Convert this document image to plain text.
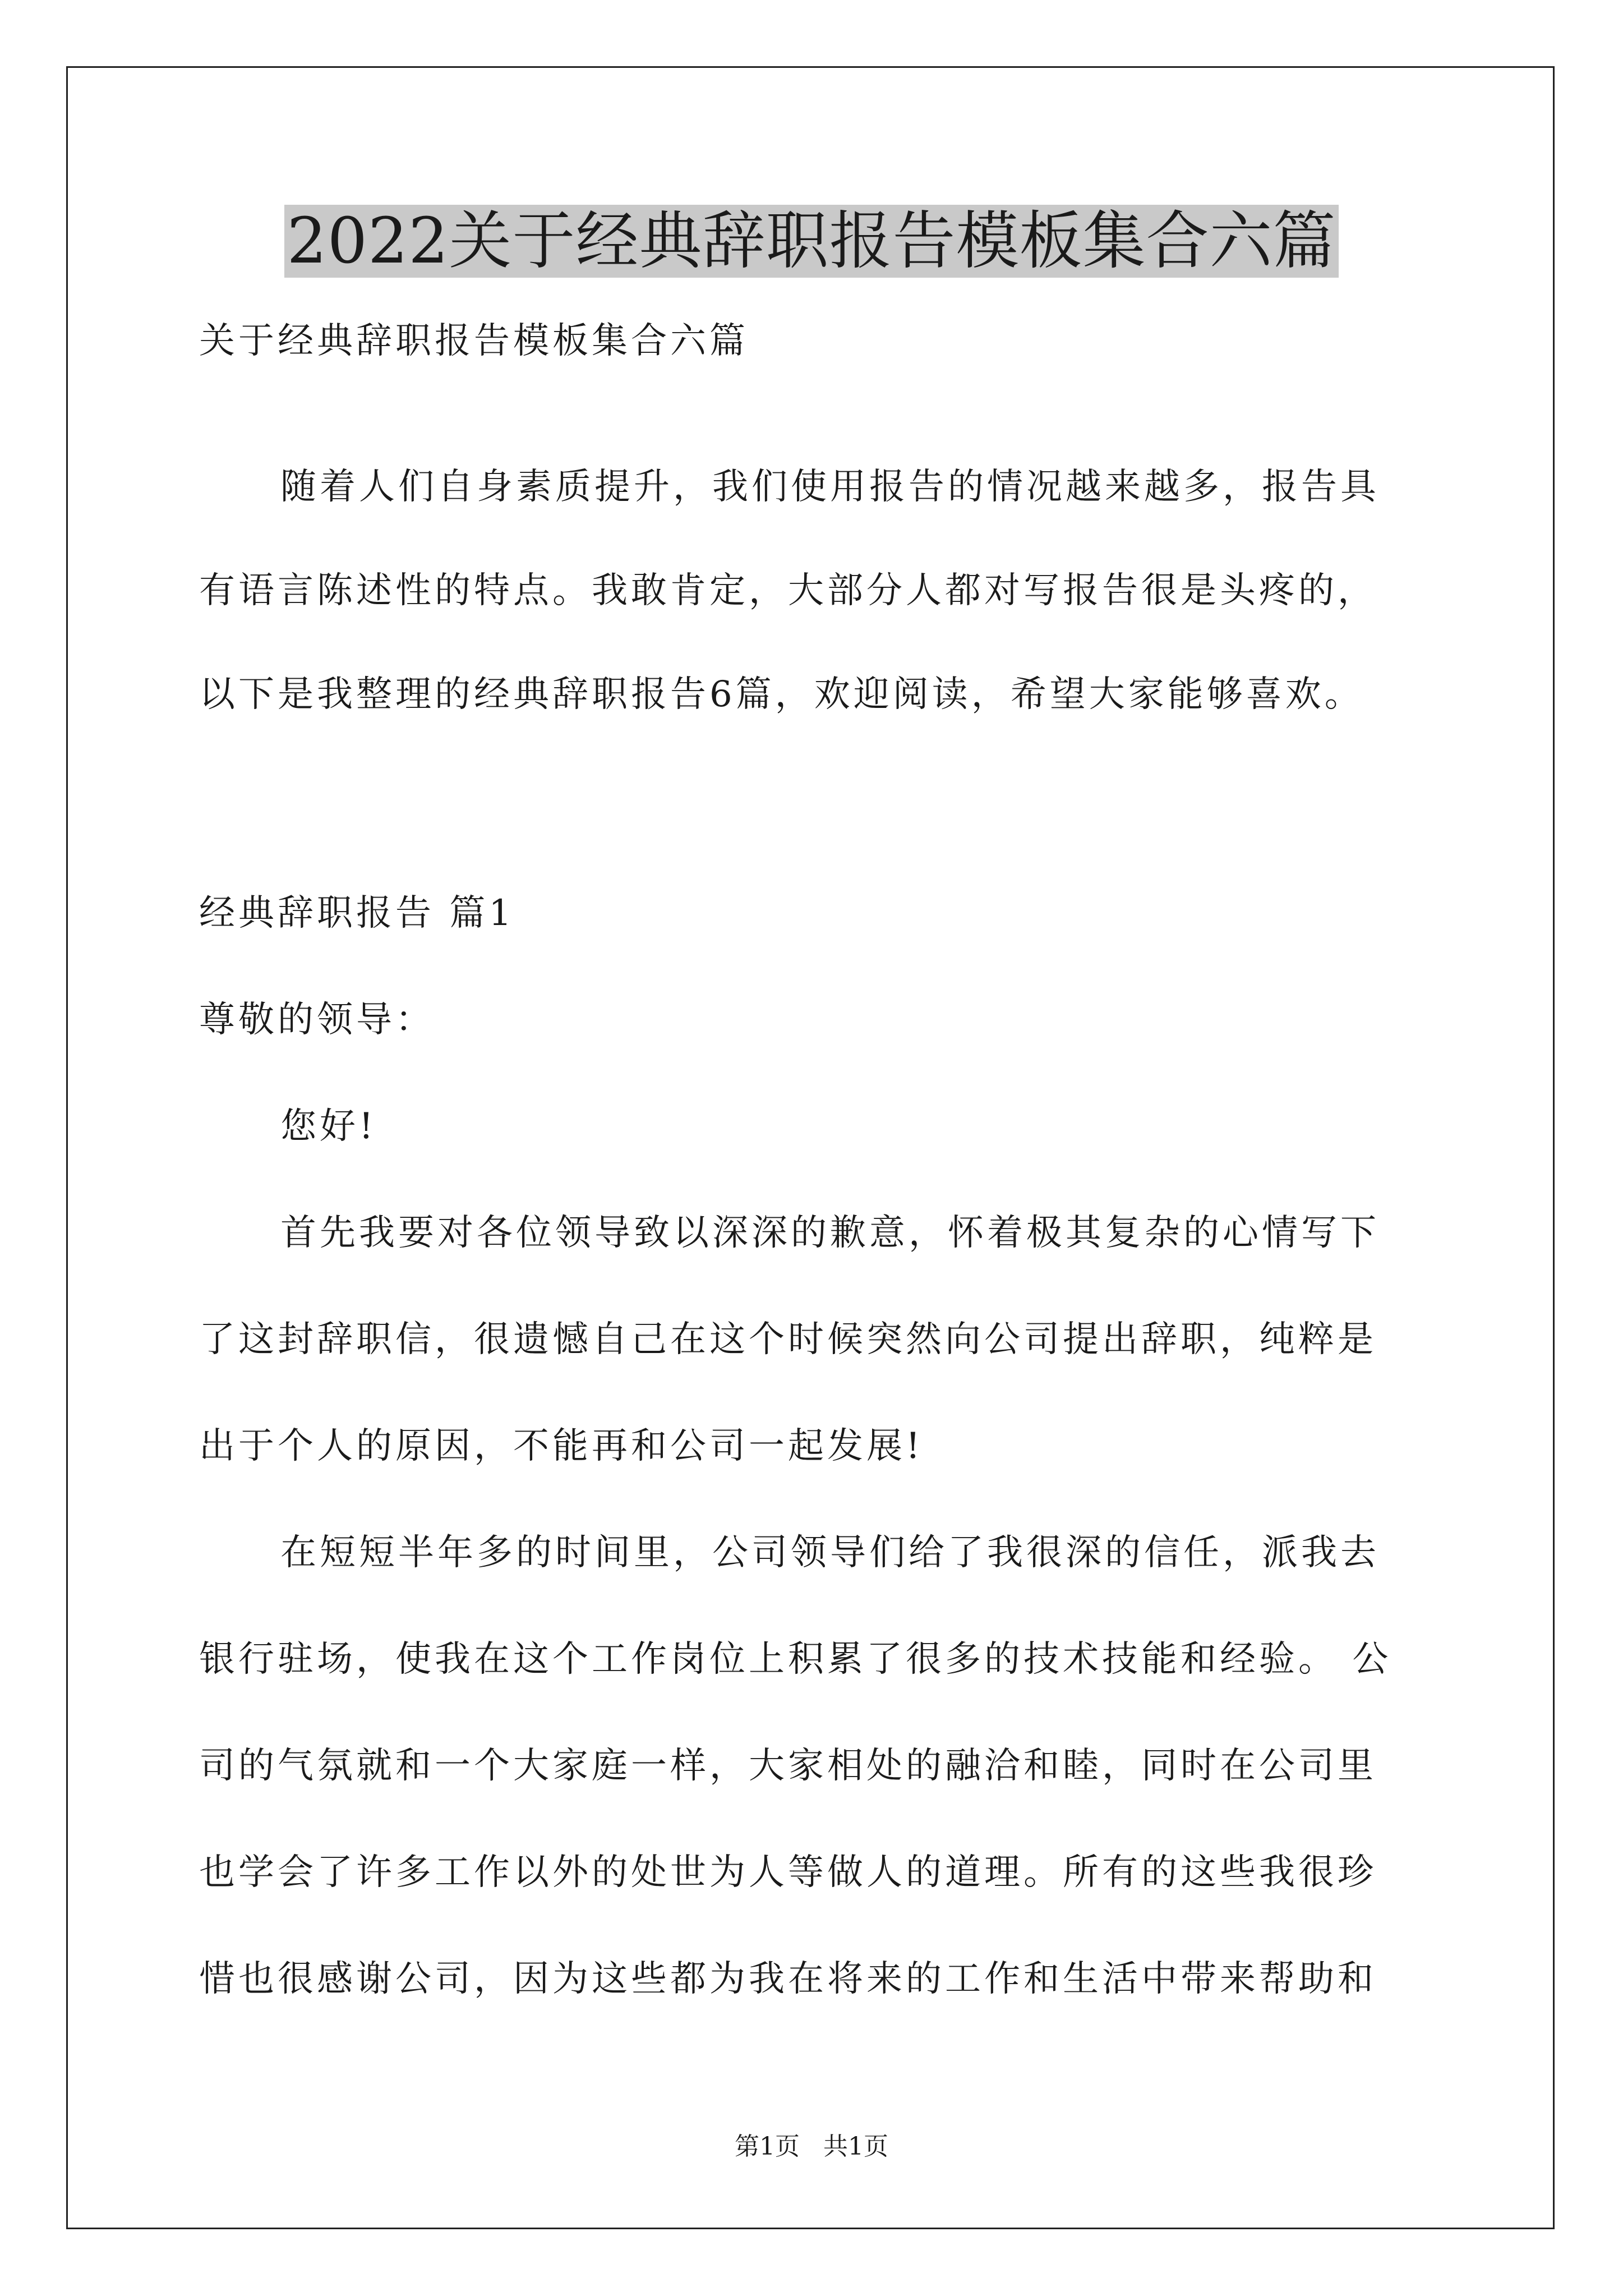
2022关于经典辞职报告模板集合六篇
关于经典辞职报告模板集合六篇
随着人们自身素质提升，我们使用报告的情况越来越多，报告具
有语言陈述性的特点。我敢肯定，大部分人都对写报告很是头疼的，
以下是我整理的经典辞职报告6篇，欢迎阅读，希望大家能够喜欢。
经典辞职报告 篇1
尊敬的领导：
您好!
首先我要对各位领导致以深深的歉意，怀着极其复杂的心情写下
了这封辞职信，很遗憾自己在这个时候突然向公司提出辞职，纯粹是
出于个人的原因，不能再和公司一起发展!
在短短半年多的时间里，公司领导们给了我很深的信任，派我去
银行驻场，使我在这个工作岗位上积累了很多的技术技能和经验。 公
司的气氛就和一个大家庭一样，大家相处的融洽和睦，同时在公司里
也学会了许多工作以外的处世为人等做人的道理。所有的这些我很珍
惜也很感谢公司，因为这些都为我在将来的工作和生活中带来帮助和
第1页   共1页
